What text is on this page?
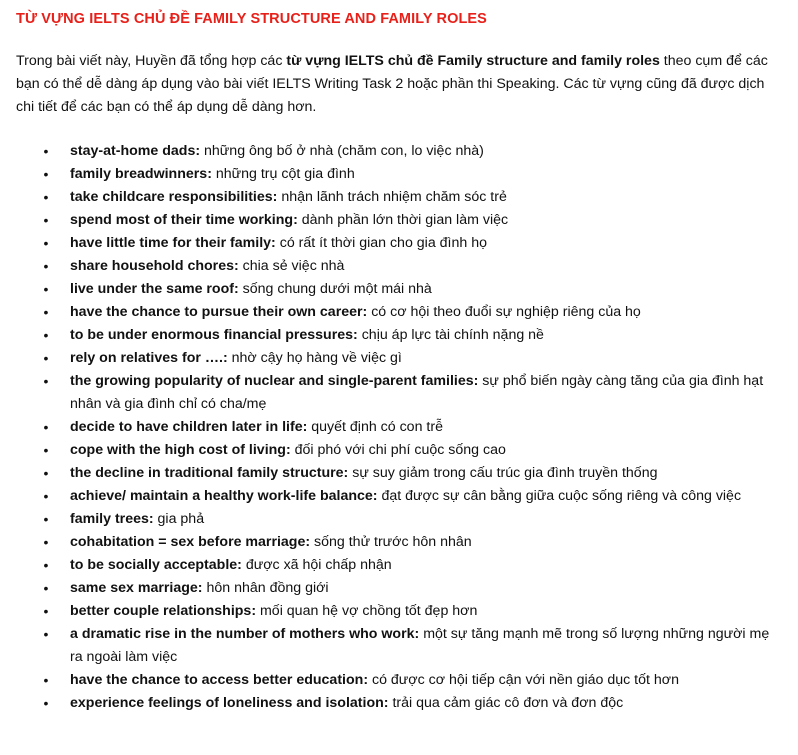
TỪ VỰNG IELTS CHỦ ĐỀ FAMILY STRUCTURE AND FAMILY ROLES

Trong bài viết này, Huyền đã tổng hợp các từ vựng IELTS chủ đề Family structure and family roles theo cụm để các bạn có thể dễ dàng áp dụng vào bài viết IELTS Writing Task 2 hoặc phần thi Speaking. Các từ vựng cũng đã được dịch chi tiết để các bạn có thể áp dụng dễ dàng hơn.

• stay-at-home dads: những ông bố ở nhà (chăm con, lo việc nhà)
• family breadwinners: những trụ cột gia đình
• take childcare responsibilities: nhận lãnh trách nhiệm chăm sóc trẻ
• spend most of their time working: dành phần lớn thời gian làm việc
• have little time for their family: có rất ít thời gian cho gia đình họ
• share household chores: chia sẻ việc nhà
• live under the same roof: sống chung dưới một mái nhà
• have the chance to pursue their own career: có cơ hội theo đuổi sự nghiệp riêng của họ
• to be under enormous financial pressures: chịu áp lực tài chính nặng nề
• rely on relatives for ….: nhờ cậy họ hàng về việc gì
• the growing popularity of nuclear and single-parent families: sự phổ biến ngày càng tăng của gia đình hạt nhân và gia đình chỉ có cha/mẹ
• decide to have children later in life: quyết định có con trễ
• cope with the high cost of living: đối phó với chi phí cuộc sống cao
• the decline in traditional family structure: sự suy giảm trong cấu trúc gia đình truyền thống
• achieve/ maintain a healthy work-life balance: đạt được sự cân bằng giữa cuộc sống riêng và công việc
• family trees: gia phả
• cohabitation = sex before marriage: sống thử trước hôn nhân
• to be socially acceptable: được xã hội chấp nhận
• same sex marriage: hôn nhân đồng giới
• better couple relationships: mối quan hệ vợ chồng tốt đẹp hơn
• a dramatic rise in the number of mothers who work: một sự tăng mạnh mẽ trong số lượng những người mẹ ra ngoài làm việc
• have the chance to access better education: có được cơ hội tiếp cận với nền giáo dục tốt hơn
• experience feelings of loneliness and isolation: trải qua cảm giác cô đơn và đơn độc
